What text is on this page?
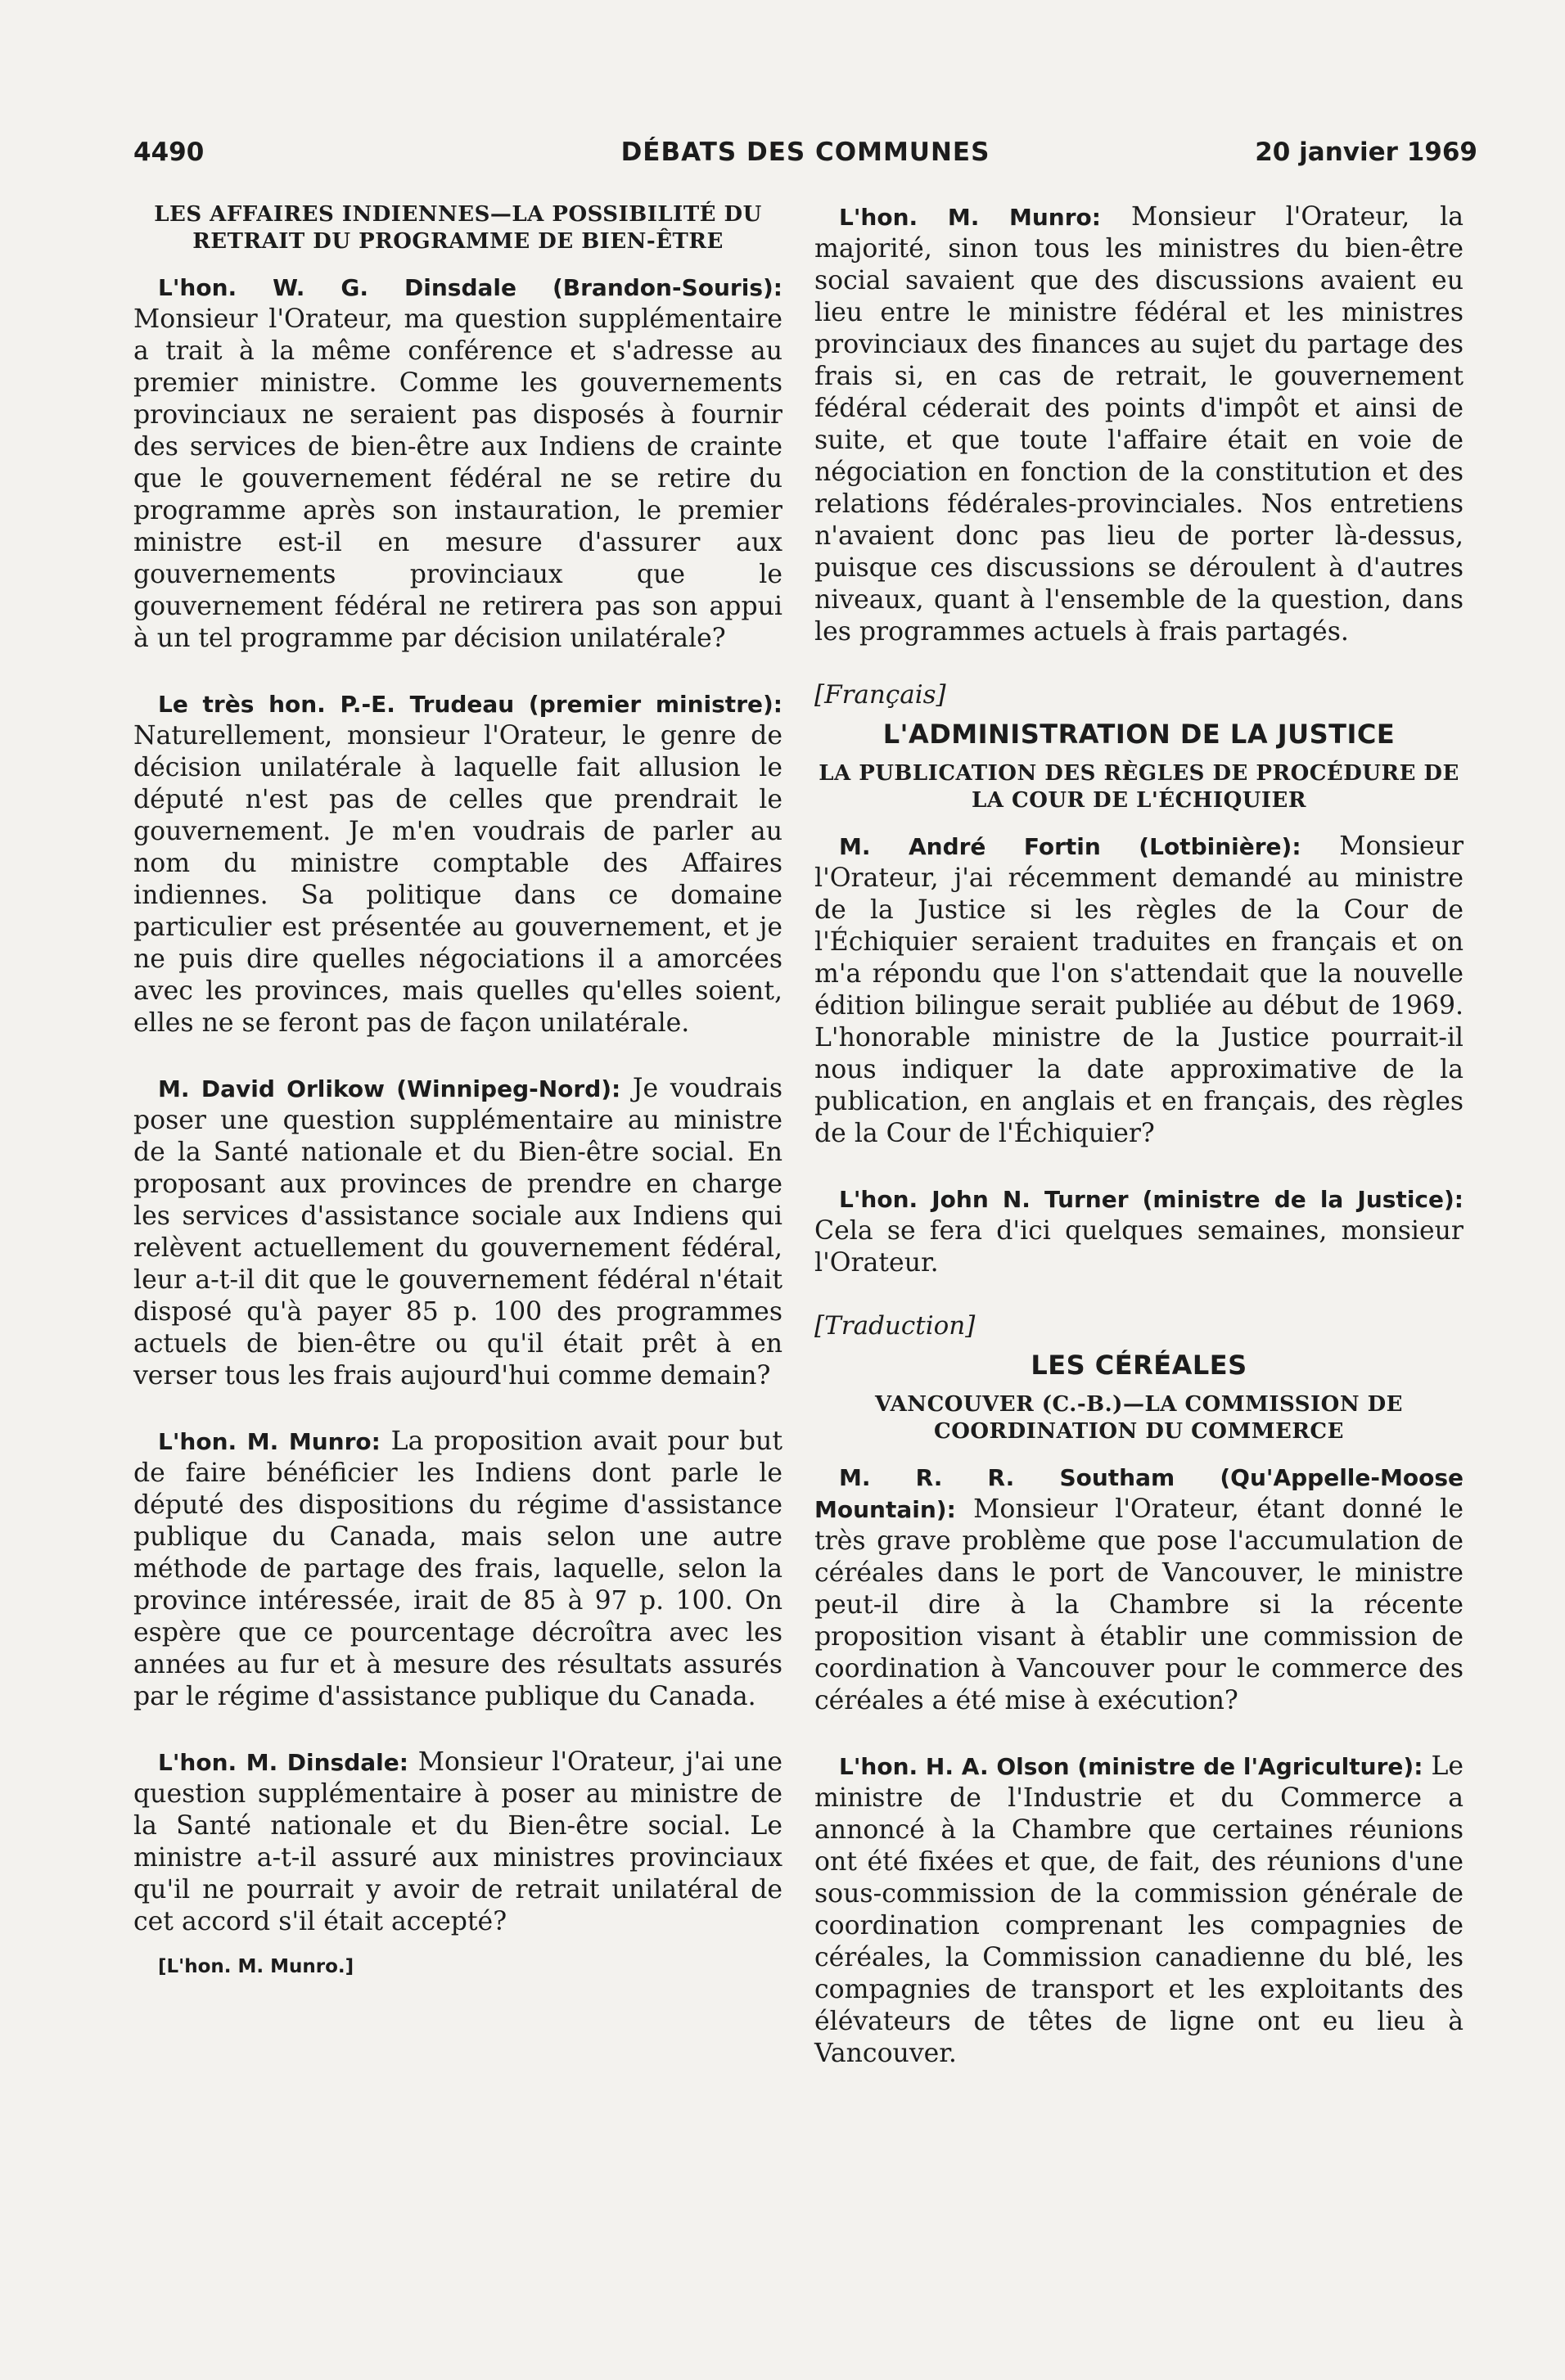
4490	DÉBATS DES COMMUNES	20 janvier 1969
LES AFFAIRES INDIENNES—LA POSSIBILITÉ DU RETRAIT DU PROGRAMME DE BIEN-ÊTRE

L'hon. W. G. Dinsdale (Brandon-Souris): Monsieur l'Orateur, ma question supplémentaire a trait à la même conférence et s'adresse au premier ministre. Comme les gouvernements provinciaux ne seraient pas disposés à fournir des services de bien-être aux Indiens de crainte que le gouvernement fédéral ne se retire du programme après son instauration, le premier ministre est-il en mesure d'assurer aux gouvernements provinciaux que le gouvernement fédéral ne retirera pas son appui à un tel programme par décision unilatérale?

Le très hon. P.-E. Trudeau (premier ministre): Naturellement, monsieur l'Orateur, le genre de décision unilatérale à laquelle fait allusion le député n'est pas de celles que prendrait le gouvernement. Je m'en voudrais de parler au nom du ministre comptable des Affaires indiennes. Sa politique dans ce domaine particulier est présentée au gouvernement, et je ne puis dire quelles négociations il a amorcées avec les provinces, mais quelles qu'elles soient, elles ne se feront pas de façon unilatérale.

M. David Orlikow (Winnipeg-Nord): Je voudrais poser une question supplémentaire au ministre de la Santé nationale et du Bien-être social. En proposant aux provinces de prendre en charge les services d'assistance sociale aux Indiens qui relèvent actuellement du gouvernement fédéral, leur a-t-il dit que le gouvernement fédéral n'était disposé qu'à payer 85 p. 100 des programmes actuels de bien-être ou qu'il était prêt à en verser tous les frais aujourd'hui comme demain?

L'hon. M. Munro: La proposition avait pour but de faire bénéficier les Indiens dont parle le député des dispositions du régime d'assistance publique du Canada, mais selon une autre méthode de partage des frais, laquelle, selon la province intéressée, irait de 85 à 97 p. 100. On espère que ce pourcentage décroîtra avec les années au fur et à mesure des résultats assurés par le régime d'assistance publique du Canada.

L'hon. M. Dinsdale: Monsieur l'Orateur, j'ai une question supplémentaire à poser au ministre de la Santé nationale et du Bien-être social. Le ministre a-t-il assuré aux ministres provinciaux qu'il ne pourrait y avoir de retrait unilatéral de cet accord s'il était accepté?

[L'hon. M. Munro.]

L'hon. M. Munro: Monsieur l'Orateur, la majorité, sinon tous les ministres du bien-être social savaient que des discussions avaient eu lieu entre le ministre fédéral et les ministres provinciaux des finances au sujet du partage des frais si, en cas de retrait, le gouvernement fédéral céderait des points d'impôt et ainsi de suite, et que toute l'affaire était en voie de négociation en fonction de la constitution et des relations fédérales-provinciales. Nos entretiens n'avaient donc pas lieu de porter là-dessus, puisque ces discussions se déroulent à d'autres niveaux, quant à l'ensemble de la question, dans les programmes actuels à frais partagés.

[Français]
L'ADMINISTRATION DE LA JUSTICE
LA PUBLICATION DES RÈGLES DE PROCÉDURE DE LA COUR DE L'ÉCHIQUIER

M. André Fortin (Lotbinière): Monsieur l'Orateur, j'ai récemment demandé au ministre de la Justice si les règles de la Cour de l'Échiquier seraient traduites en français et on m'a répondu que l'on s'attendait que la nouvelle édition bilingue serait publiée au début de 1969. L'honorable ministre de la Justice pourrait-il nous indiquer la date approximative de la publication, en anglais et en français, des règles de la Cour de l'Échiquier?

L'hon. John N. Turner (ministre de la Justice): Cela se fera d'ici quelques semaines, monsieur l'Orateur.

[Traduction]
LES CÉRÉALES
VANCOUVER (C.-B.)—LA COMMISSION DE COORDINATION DU COMMERCE

M. R. R. Southam (Qu'Appelle-Moose Mountain): Monsieur l'Orateur, étant donné le très grave problème que pose l'accumulation de céréales dans le port de Vancouver, le ministre peut-il dire à la Chambre si la récente proposition visant à établir une commission de coordination à Vancouver pour le commerce des céréales a été mise à exécution?

L'hon. H. A. Olson (ministre de l'Agriculture): Le ministre de l'Industrie et du Commerce a annoncé à la Chambre que certaines réunions ont été fixées et que, de fait, des réunions d'une sous-commission de la commission générale de coordination comprenant les compagnies de céréales, la Commission canadienne du blé, les compagnies de transport et les exploitants des élévateurs de têtes de ligne ont eu lieu à Vancouver.
